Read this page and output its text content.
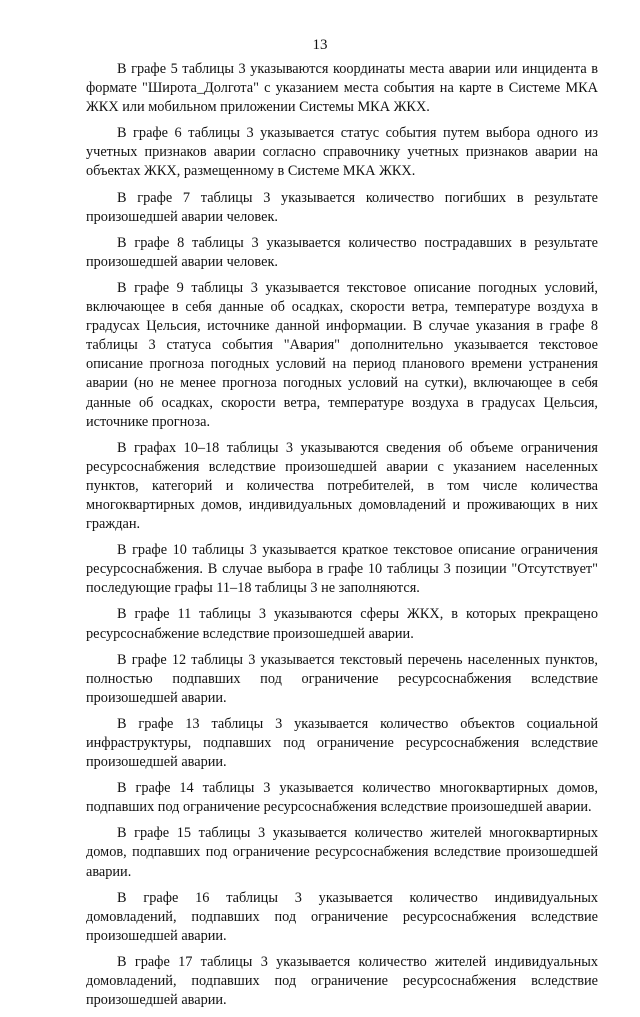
13

В графе 5 таблицы 3 указываются координаты места аварии или инцидента в формате "Широта_Долгота" с указанием места события на карте в Системе МКА ЖКХ или мобильном приложении Системы МКА ЖКХ.

В графе 6 таблицы 3 указывается статус события путем выбора одного из учетных признаков аварии согласно справочнику учетных признаков аварии на объектах ЖКХ, размещенному в Системе МКА ЖКХ.

В графе 7 таблицы 3 указывается количество погибших в результате произошедшей аварии человек.

В графе 8 таблицы 3 указывается количество пострадавших в результате произошедшей аварии человек.

В графе 9 таблицы 3 указывается текстовое описание погодных условий, включающее в себя данные об осадках, скорости ветра, температуре воздуха в градусах Цельсия, источнике данной информации. В случае указания в графе 8 таблицы 3 статуса события "Авария" дополнительно указывается текстовое описание прогноза погодных условий на период планового времени устранения аварии (но не менее прогноза погодных условий на сутки), включающее в себя данные об осадках, скорости ветра, температуре воздуха в градусах Цельсия, источнике прогноза.

В графах 10–18 таблицы 3 указываются сведения об объеме ограничения ресурсоснабжения вследствие произошедшей аварии с указанием населенных пунктов, категорий и количества потребителей, в том числе количества многоквартирных домов, индивидуальных домовладений и проживающих в них граждан.

В графе 10 таблицы 3 указывается краткое текстовое описание ограничения ресурсоснабжения. В случае выбора в графе 10 таблицы 3 позиции "Отсутствует" последующие графы 11–18 таблицы 3 не заполняются.

В графе 11 таблицы 3 указываются сферы ЖКХ, в которых прекращено ресурсоснабжение вследствие произошедшей аварии.

В графе 12 таблицы 3 указывается текстовый перечень населенных пунктов, полностью подпавших под ограничение ресурсоснабжения вследствие произошедшей аварии.

В графе 13 таблицы 3 указывается количество объектов социальной инфраструктуры, подпавших под ограничение ресурсоснабжения вследствие произошедшей аварии.

В графе 14 таблицы 3 указывается количество многоквартирных домов, подпавших под ограничение ресурсоснабжения вследствие произошедшей аварии.

В графе 15 таблицы 3 указывается количество жителей многоквартирных домов, подпавших под ограничение ресурсоснабжения вследствие произошедшей аварии.

В графе 16 таблицы 3 указывается количество индивидуальных домовладений, подпавших под ограничение ресурсоснабжения вследствие произошедшей аварии.

В графе 17 таблицы 3 указывается количество жителей индивидуальных домовладений, подпавших под ограничение ресурсоснабжения вследствие произошедшей аварии.
